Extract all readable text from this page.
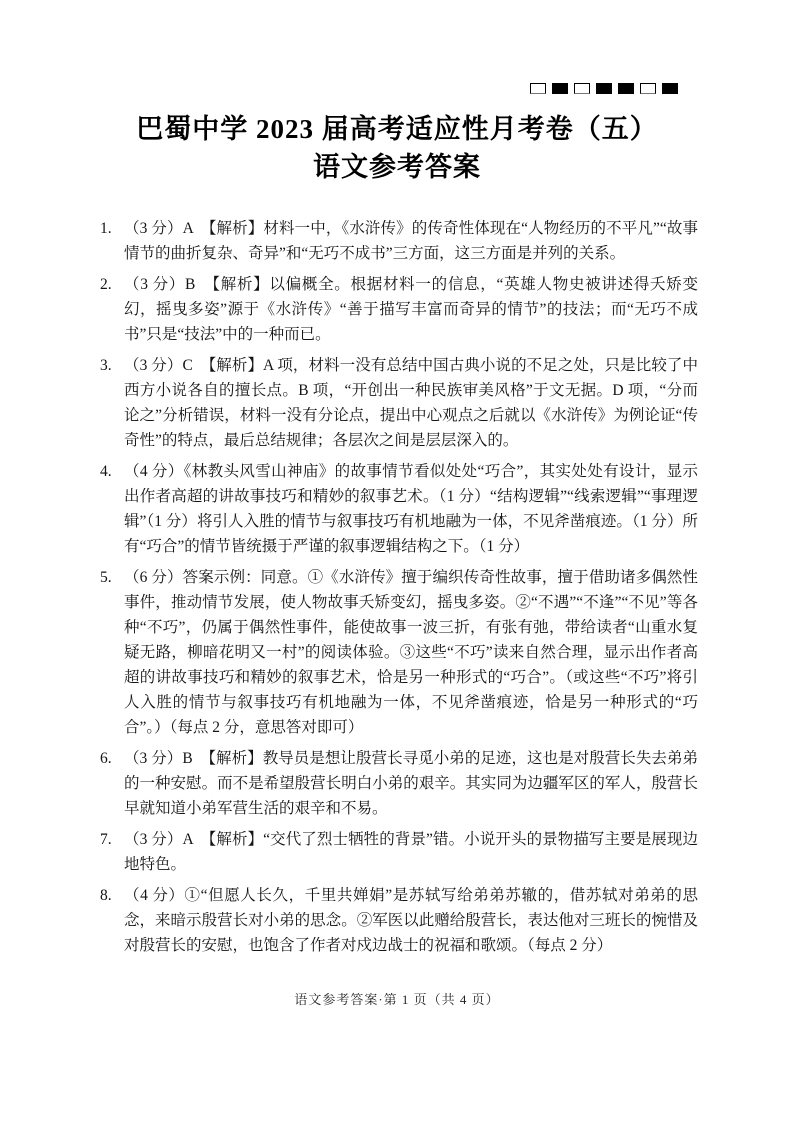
巴蜀中学 2023 届高考适应性月考卷（五）
语文参考答案
1. （3 分）A　【解析】材料一中，《水浒传》的传奇性体现在“人物经历的不平凡”“故事情节的曲折复杂、奇异”和“无巧不成书”三方面，这三方面是并列的关系。
2. （3 分）B　【解析】以偏概全。根据材料一的信息，“英雄人物史被讲述得夭矫变幻，摇曳多姿”源于《水浒传》“善于描写丰富而奇异的情节”的技法；而“无巧不成书”只是“技法”中的一种而已。
3. （3 分）C　【解析】A 项，材料一没有总结中国古典小说的不足之处，只是比较了中西方小说各自的擅长点。B 项，“开创出一种民族审美风格”于文无据。D 项，“分而论之”分析错误，材料一没有分论点，提出中心观点之后就以《水浒传》为例论证“传奇性”的特点，最后总结规律；各层次之间是层层深入的。
4. （4 分）《林教头风雪山神庙》的故事情节看似处处“巧合”，其实处处有设计，显示出作者高超的讲故事技巧和精妙的叙事艺术。（1 分）“结构逻辑”“线索逻辑”“事理逻辑”（1 分）将引人入胜的情节与叙事技巧有机地融为一体，不见斧凿痕迹。（1 分）所有“巧合”的情节皆统摄于严谨的叙事逻辑结构之下。（1 分）
5. （6 分）答案示例：同意。①《水浒传》擅于编织传奇性故事，擅于借助诸多偶然性事件，推动情节发展，使人物故事夭矫变幻，摇曳多姿。②“不遇”“不逢”“不见”等各种“不巧”，仍属于偶然性事件，能使故事一波三折，有张有弛，带给读者“山重水复疑无路，柳暗花明又一村”的阅读体验。③这些“不巧”读来自然合理，显示出作者高超的讲故事技巧和精妙的叙事艺术，恰是另一种形式的“巧合”。（或这些“不巧”将引人入胜的情节与叙事技巧有机地融为一体，不见斧凿痕迹，恰是另一种形式的“巧合”。）（每点 2 分，意思答对即可）
6. （3 分）B　【解析】教导员是想让殷营长寻觅小弟的足迹，这也是对殷营长失去弟弟的一种安慰。而不是希望殷营长明白小弟的艰辛。其实同为边疆军区的军人，殷营长早就知道小弟军营生活的艰辛和不易。
7. （3 分）A　【解析】“交代了烈士牺牲的背景”错。小说开头的景物描写主要是展现边地特色。
8. （4 分）①“但愿人长久，千里共婵娟”是苏轼写给弟弟苏辙的，借苏轼对弟弟的思念，来暗示殷营长对小弟的思念。②军医以此赠给殷营长，表达他对三班长的惋惜及对殷营长的安慰，也饱含了作者对戍边战士的祝福和歌颂。（每点 2 分）
语文参考答案·第 1 页（共 4 页）
